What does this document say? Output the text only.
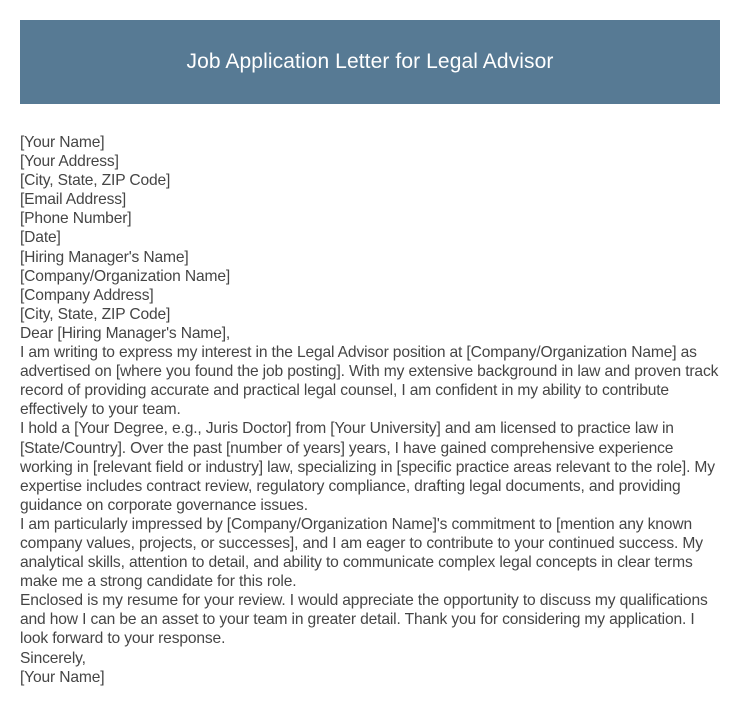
Job Application Letter for Legal Advisor

[Your Name]

[Your Address]

[City, State, ZIP Code]

[Email Address]

[Phone Number]

[Date]

[Hiring Manager's Name]

[Company/Organization Name]

[Company Address]

[City, State, ZIP Code]

Dear [Hiring Manager's Name],

I am writing to express my interest in the Legal Advisor position at [Company/Organization Name] as advertised on [where you found the job posting]. With my extensive background in law and proven track record of providing accurate and practical legal counsel, I am confident in my ability to contribute effectively to your team.

I hold a [Your Degree, e.g., Juris Doctor] from [Your University] and am licensed to practice law in [State/Country]. Over the past [number of years] years, I have gained comprehensive experience working in [relevant field or industry] law, specializing in [specific practice areas relevant to the role]. My expertise includes contract review, regulatory compliance, drafting legal documents, and providing guidance on corporate governance issues.

I am particularly impressed by [Company/Organization Name]'s commitment to [mention any known company values, projects, or successes], and I am eager to contribute to your continued success. My analytical skills, attention to detail, and ability to communicate complex legal concepts in clear terms make me a strong candidate for this role.

Enclosed is my resume for your review. I would appreciate the opportunity to discuss my qualifications and how I can be an asset to your team in greater detail. Thank you for considering my application. I look forward to your response.

Sincerely,

[Your Name]
